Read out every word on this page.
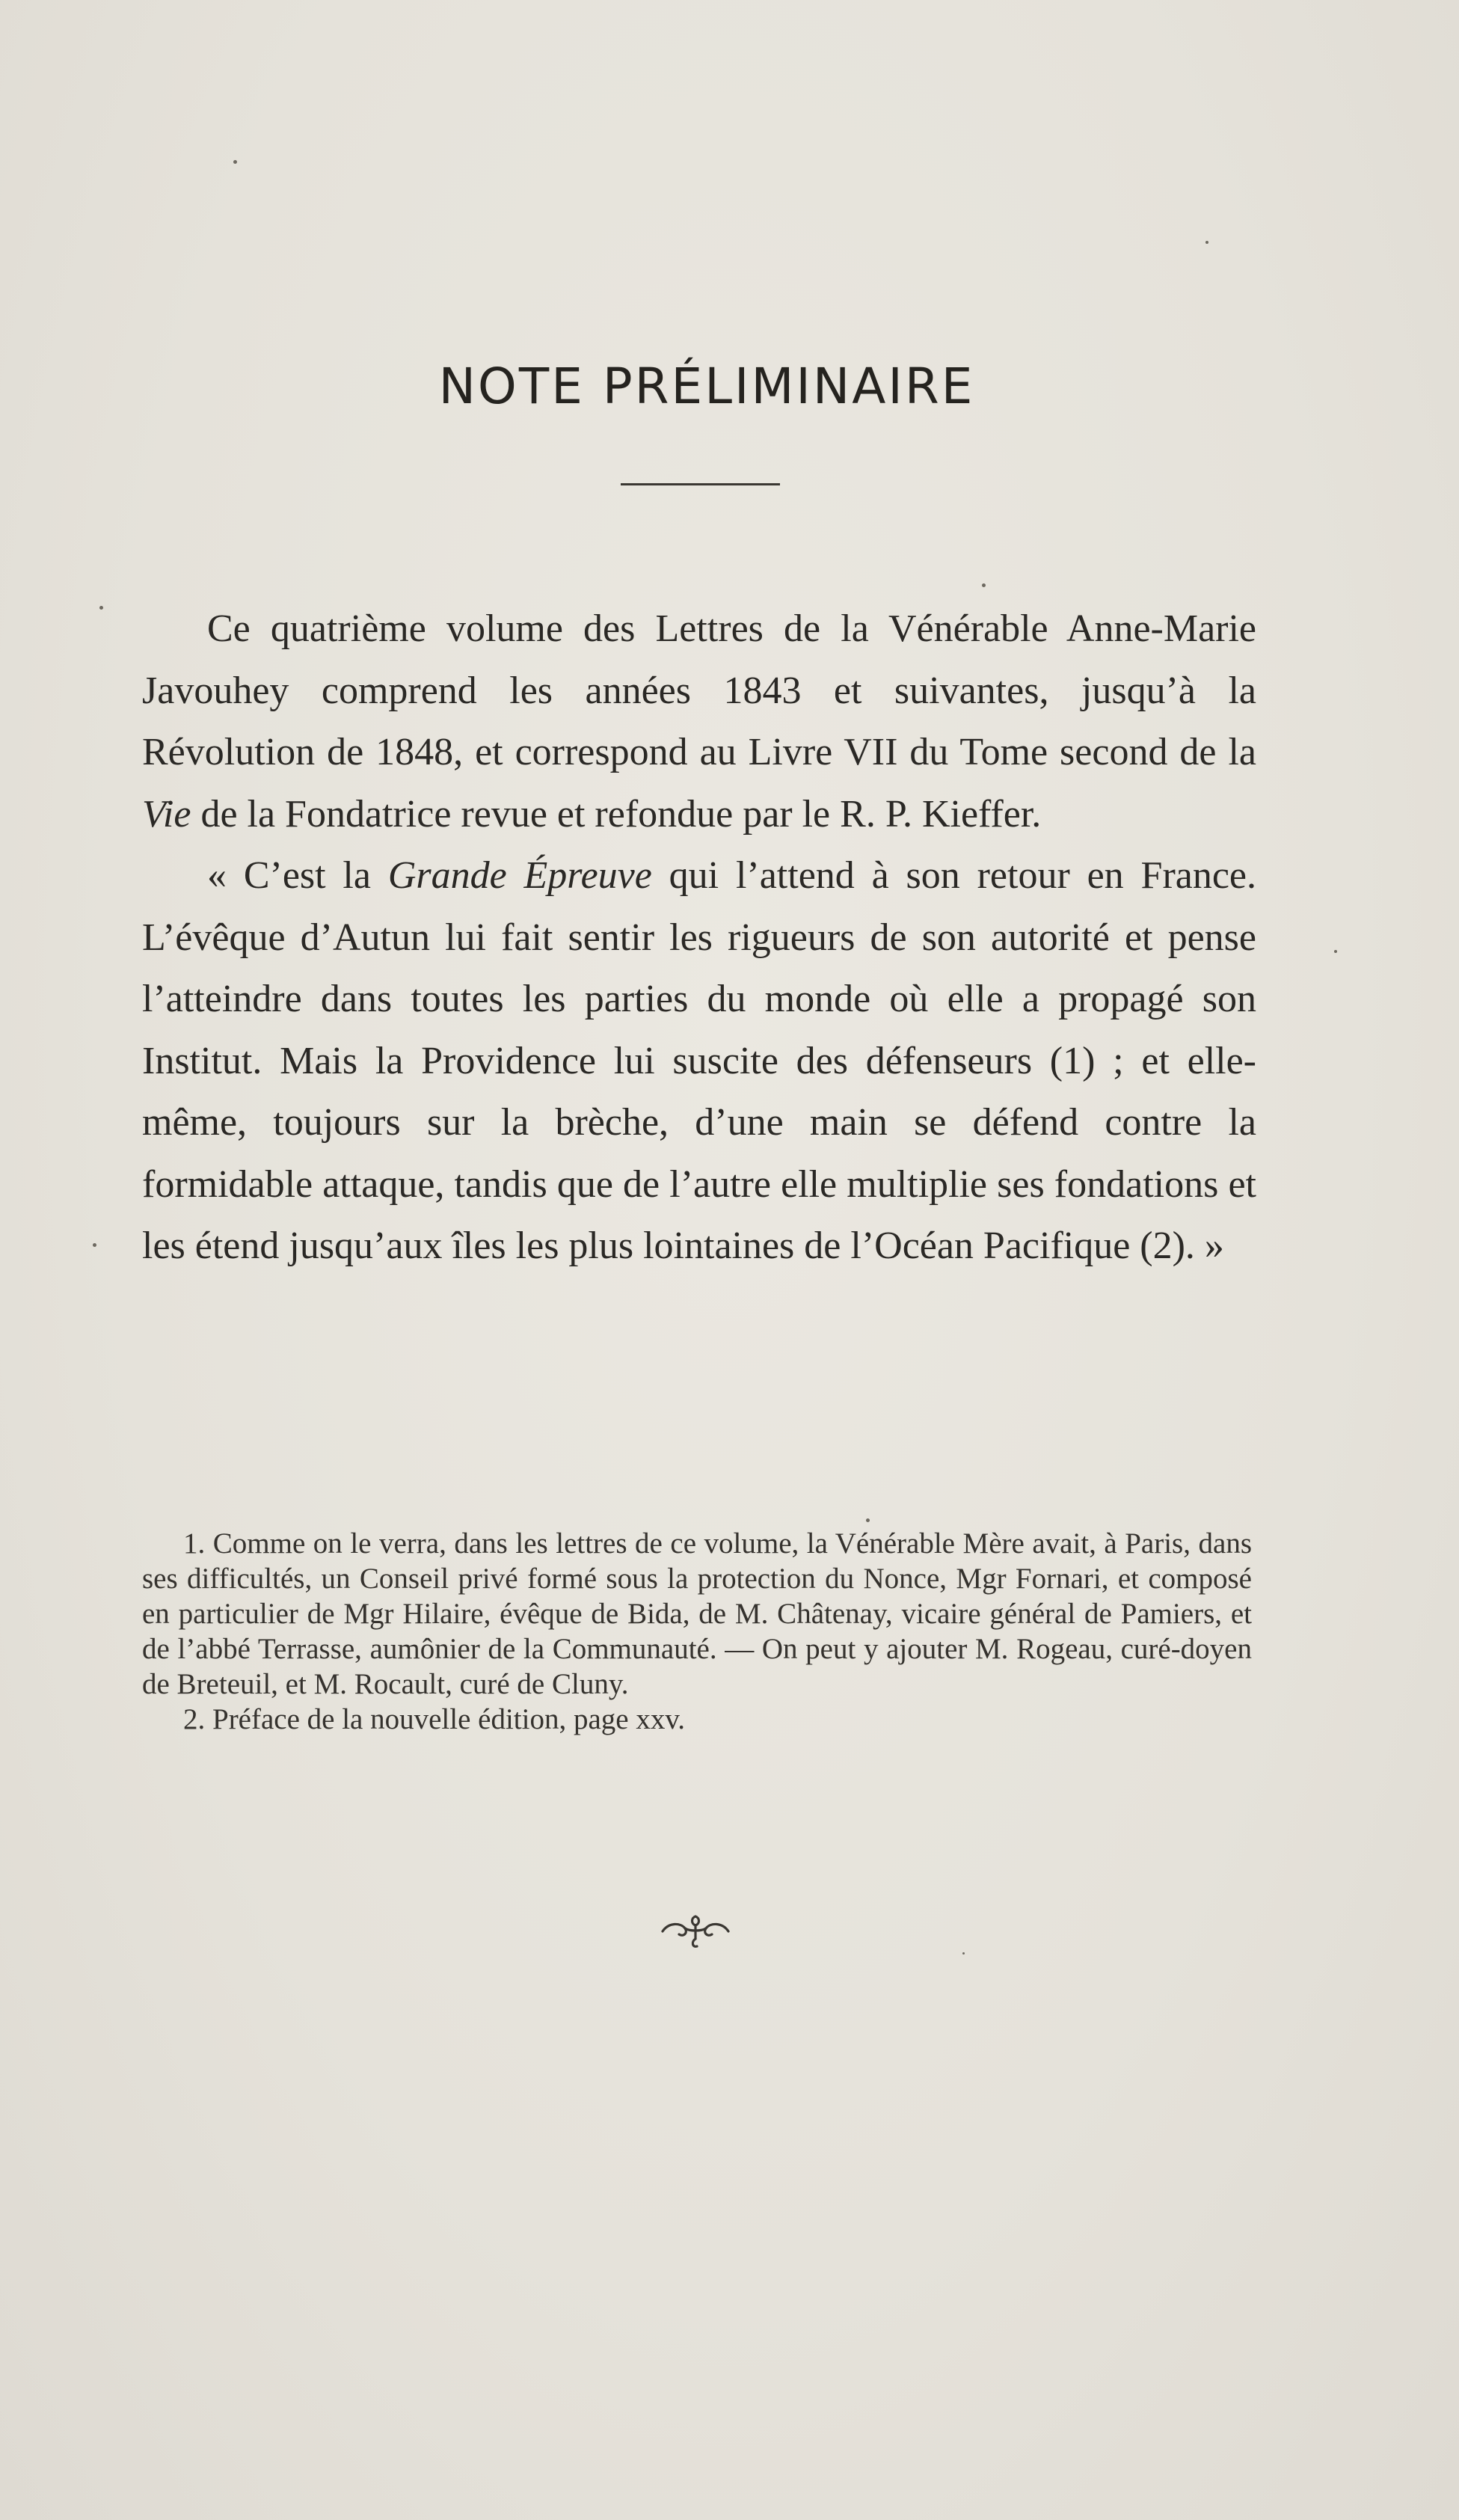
NOTE PRÉLIMINAIRE

Ce quatrième volume des Lettres de la Vénérable Anne-Marie Javouhey comprend les années 1843 et suivantes, jusqu’à la Révolution de 1848, et correspond au Livre VII du Tome second de la Vie de la Fondatrice revue et refondue par le R. P. Kieffer.

« C’est la Grande Épreuve qui l’attend à son retour en France. L’évêque d’Autun lui fait sentir les rigueurs de son autorité et pense l’atteindre dans toutes les parties du monde où elle a propagé son Institut. Mais la Providence lui suscite des défenseurs (1) ; et elle-même, toujours sur la brèche, d’une main se défend contre la formidable attaque, tandis que de l’autre elle multiplie ses fondations et les étend jusqu’aux îles les plus lointaines de l’Océan Pacifique (2). »

1. Comme on le verra, dans les lettres de ce volume, la Vénérable Mère avait, à Paris, dans ses difficultés, un Conseil privé formé sous la protection du Nonce, Mgr Fornari, et composé en particulier de Mgr Hilaire, évêque de Bida, de M. Châtenay, vicaire général de Pamiers, et de l’abbé Terrasse, aumônier de la Communauté. — On peut y ajouter M. Rogeau, curé-doyen de Breteuil, et M. Rocault, curé de Cluny.

2. Préface de la nouvelle édition, page xxv.
